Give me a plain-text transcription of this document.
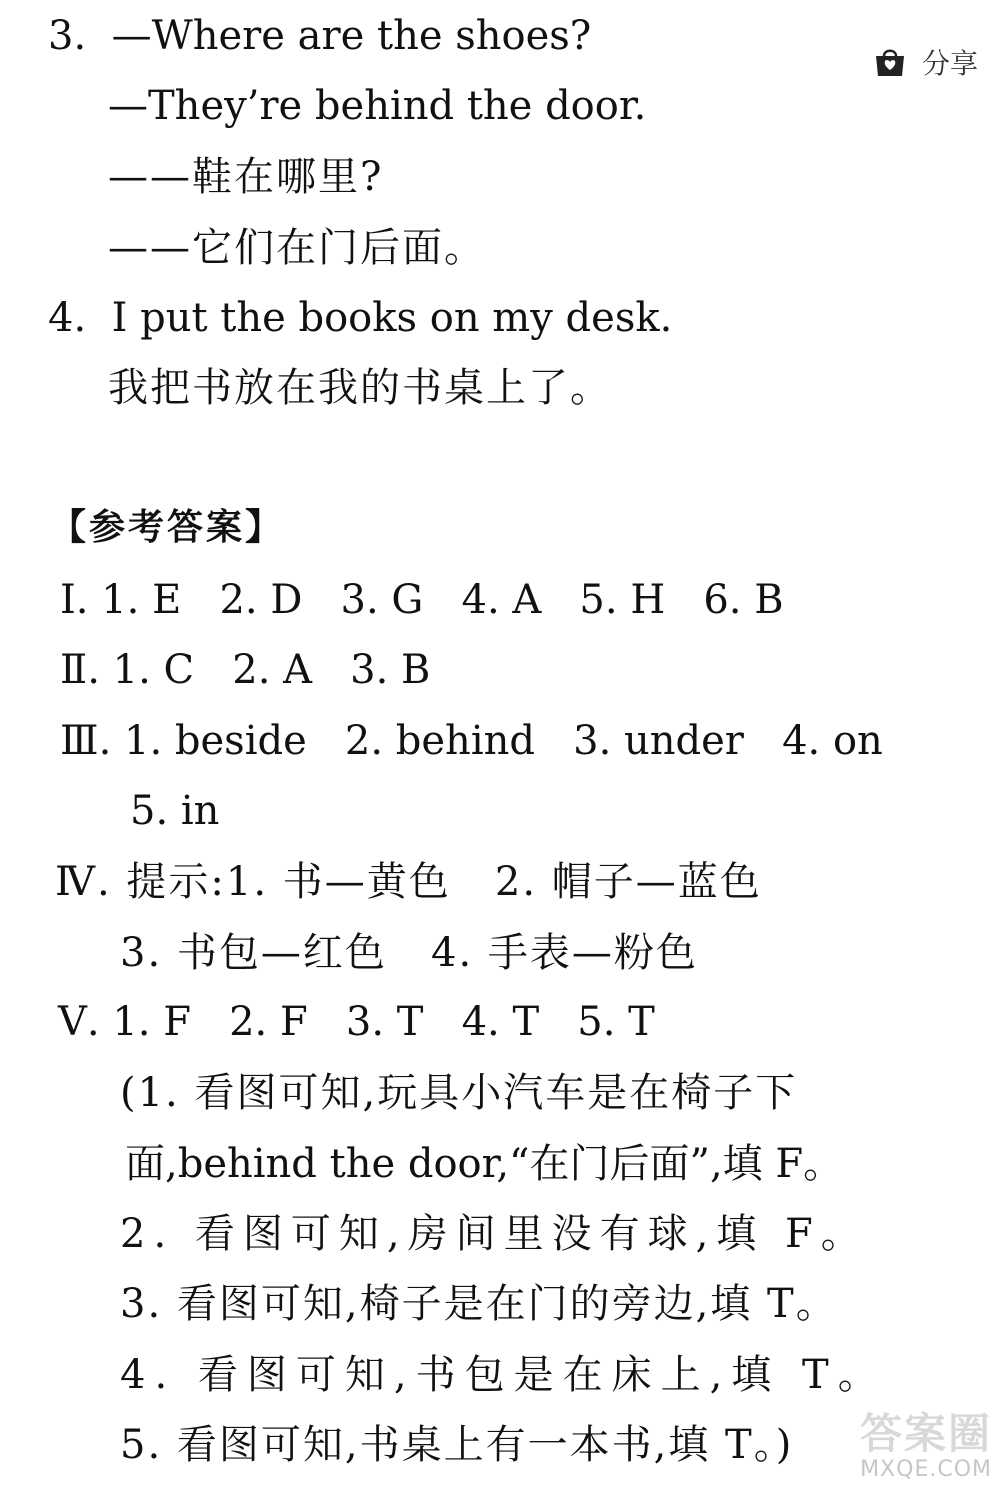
分享
3.  —Where are the shoes?
—They’re behind the door.
——鞋在哪里?
——它们在门后面。
4.  I put the books on my desk.
我把书放在我的书桌上了。
【参考答案】
Ⅰ. 1. E   2. D   3. G   4. A   5. H   6. B
Ⅱ. 1. C   2. A   3. B
Ⅲ. 1. beside   2. behind   3. under   4. on
5. in
Ⅳ. 提示:1. 书—黄色   2. 帽子—蓝色
3. 书包—红色   4. 手表—粉色
Ⅴ. 1. F   2. F   3. T   4. T   5. T
(1. 看图可知,玩具小汽车是在椅子下
面,behind the door,“在门后面”,填 F。
2. 看图可知,房间里没有球,填 F。
3. 看图可知,椅子是在门的旁边,填 T。
4. 看图可知,书包是在床上,填 T。
5. 看图可知,书桌上有一本书,填 T。) 答案圈
MXQE.COM
